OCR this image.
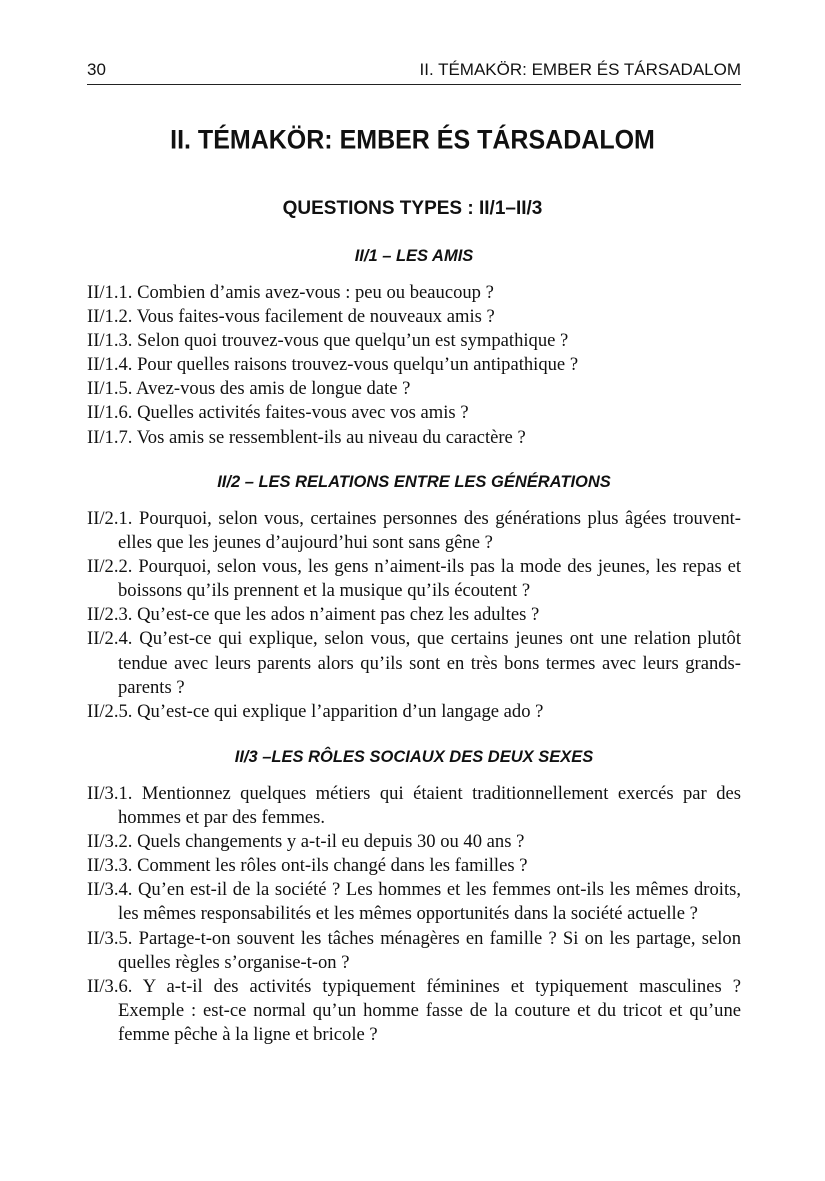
30	II. TÉMAKÖR: EMBER ÉS TÁRSADALOM
II. TÉMAKÖR: EMBER ÉS TÁRSADALOM
QUESTIONS TYPES : II/1–II/3
II/1 – LES AMIS
II/1.1. Combien d’amis avez-vous : peu ou beaucoup ?
II/1.2. Vous faites-vous facilement de nouveaux amis ?
II/1.3. Selon quoi trouvez-vous que quelqu’un est sympathique ?
II/1.4. Pour quelles raisons trouvez-vous quelqu’un antipathique ?
II/1.5. Avez-vous des amis de longue date ?
II/1.6. Quelles activités faites-vous avec vos amis ?
II/1.7. Vos amis se ressemblent-ils au niveau du caractère ?
II/2 – LES RELATIONS ENTRE LES GÉNÉRATIONS
II/2.1. Pourquoi, selon vous, certaines personnes des générations plus âgées trouvent-elles que les jeunes d’aujourd’hui sont sans gêne ?
II/2.2. Pourquoi, selon vous, les gens n’aiment-ils pas la mode des jeunes, les repas et boissons qu’ils prennent et la musique qu’ils écoutent ?
II/2.3. Qu’est-ce que les ados n’aiment pas chez les adultes ?
II/2.4. Qu’est-ce qui explique, selon vous, que certains jeunes ont une relation plutôt tendue avec leurs parents alors qu’ils sont en très bons termes avec leurs grands-parents ?
II/2.5. Qu’est-ce qui explique l’apparition d’un langage ado ?
II/3 –LES RÔLES SOCIAUX DES DEUX SEXES
II/3.1. Mentionnez quelques métiers qui étaient traditionnellement exercés par des hommes et par des femmes.
II/3.2. Quels changements y a-t-il eu depuis 30 ou 40 ans ?
II/3.3. Comment les rôles ont-ils changé dans les familles ?
II/3.4. Qu’en est-il de la société ? Les hommes et les femmes ont-ils les mêmes droits, les mêmes responsabilités et les mêmes opportunités dans la société actuelle ?
II/3.5. Partage-t-on souvent les tâches ménagères en famille ? Si on les partage, selon quelles règles s’organise-t-on ?
II/3.6. Y a-t-il des activités typiquement féminines et typiquement masculines ? Exemple : est-ce normal qu’un homme fasse de la couture et du tricot et qu’une femme pêche à la ligne et bricole ?
